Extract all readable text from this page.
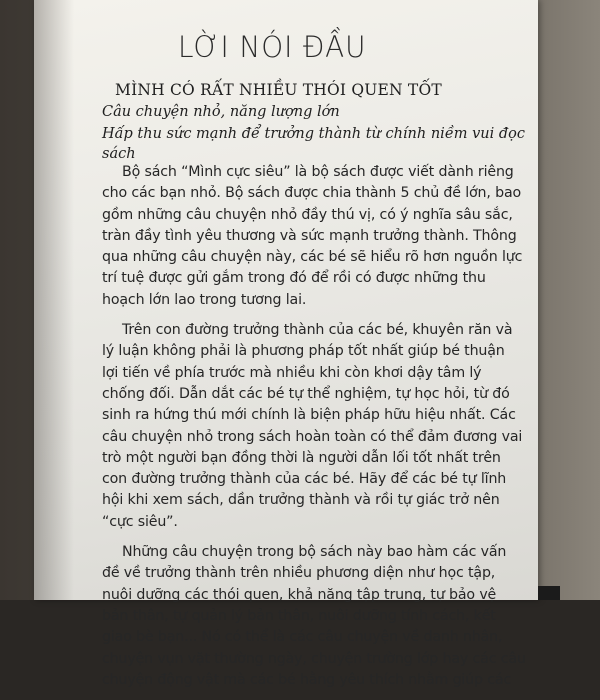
LỜI NÓI ĐẦU
MÌNH CÓ RẤT NHIỀU THÓI QUEN TỐT
Câu chuyện nhỏ, năng lượng lớn
Hấp thu sức mạnh để trưởng thành từ chính niềm vui đọc sách

Bộ sách “Mình cực siêu” là bộ sách được viết dành riêng
cho các bạn nhỏ. Bộ sách được chia thành 5 chủ đề lớn, bao
gồm những câu chuyện nhỏ đầy thú vị, có ý nghĩa sâu sắc,
tràn đầy tình yêu thương và sức mạnh trưởng thành. Thông
qua những câu chuyện này, các bé sẽ hiểu rõ hơn nguồn lực
trí tuệ được gửi gắm trong đó để rồi có được những thu
hoạch lớn lao trong tương lai.

Trên con đường trưởng thành của các bé, khuyên răn và
lý luận không phải là phương pháp tốt nhất giúp bé thuận
lợi tiến về phía trước mà nhiều khi còn khơi dậy tâm lý
chống đối. Dẫn dắt các bé tự thể nghiệm, tự học hỏi, từ đó
sinh ra hứng thú mới chính là biện pháp hữu hiệu nhất. Các
câu chuyện nhỏ trong sách hoàn toàn có thể đảm đương vai
trò một người bạn đồng thời là người dẫn lối tốt nhất trên
con đường trưởng thành của các bé. Hãy để các bé tự lĩnh
hội khi xem sách, dần trưởng thành và rồi tự giác trở nên
“cực siêu”.

Những câu chuyện trong bộ sách này bao hàm các vấn
đề về trưởng thành trên nhiều phương diện như học tập,
nuôi dưỡng các thói quen, khả năng tập trung, tự bảo vệ
bản thân, tự quản lý bản thân, nuôi dưỡng tính cách, kết
giao bè bạn... Nó có thể là các câu chuyện về danh nhân,
chuyện vụn vặt thường ngày, chuyện trường lớp hay các câu
chuyện động vật mà các bé hằng yêu thích nhằm giúp các
